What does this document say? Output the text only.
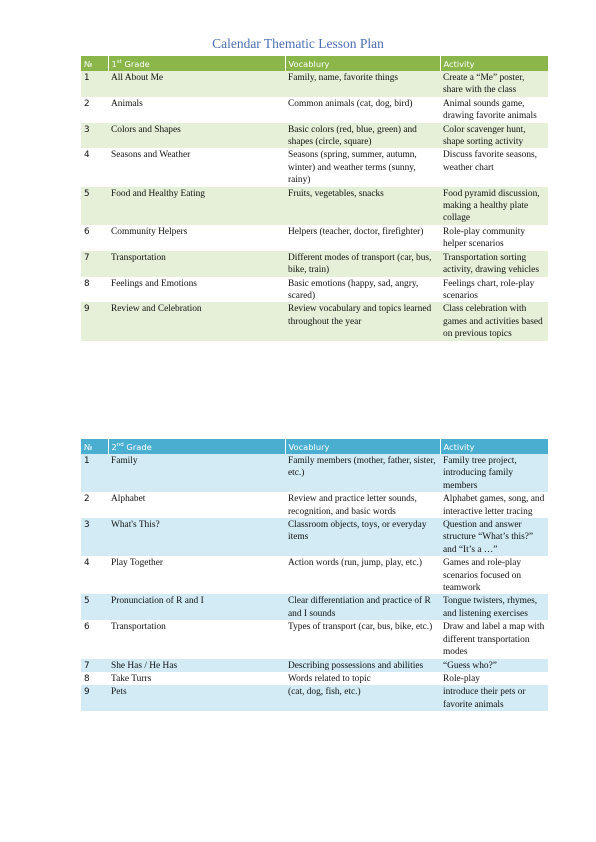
Calendar Thematic Lesson Plan
№	1st Grade	Vocablury	Activity
1	All About Me	Family, name, favorite things	Create a “Me” poster, share with the class
2	Animals	Common animals (cat, dog, bird)	Animal sounds game, drawing favorite animals
3	Colors and Shapes	Basic colors (red, blue, green) and shapes (circle, square)	Color scavenger hunt, shape sorting activity
4	Seasons and Weather	Seasons (spring, summer, autumn, winter) and weather terms (sunny, rainy)	Discuss favorite seasons, weather chart
5	Food and Healthy Eating	Fruits, vegetables, snacks	Food pyramid discussion, making a healthy plate collage
6	Community Helpers	Helpers (teacher, doctor, firefighter)	Role-play community helper scenarios
7	Transportation	Different modes of transport (car, bus, bike, train)	Transportation sorting activity, drawing vehicles
8	Feelings and Emotions	Basic emotions (happy, sad, angry, scared)	Feelings chart, role-play scenarios
9	Review and Celebration	Review vocabulary and topics learned throughout the year	Class celebration with games and activities based on previous topics
№	2nd Grade	Vocablury	Activity
1	Family	Family members (mother, father, sister, etc.)	Family tree project, introducing family members
2	Alphabet	Review and practice letter sounds, recognition, and basic words	Alphabet games, song, and interactive letter tracing
3	What's This?	Classroom objects, toys, or everyday items	Question and answer structure “What’s this?” and “It’s a …”
4	Play Together	Action words (run, jump, play, etc.)	Games and role-play scenarios focused on teamwork
5	Pronunciation of R and I	Clear differentiation and practice of R and I sounds	Tongue twisters, rhymes, and listening exercises
6	Transportation	Types of transport (car, bus, bike, etc.)	Draw and label a map with different transportation modes
7	She Has / He Has	Describing possessions and abilities	“Guess who?”
8	Take Turrs	Words related to topic	Role-play
9	Pets	(cat, dog, fish, etc.)	introduce their pets or favorite animals
